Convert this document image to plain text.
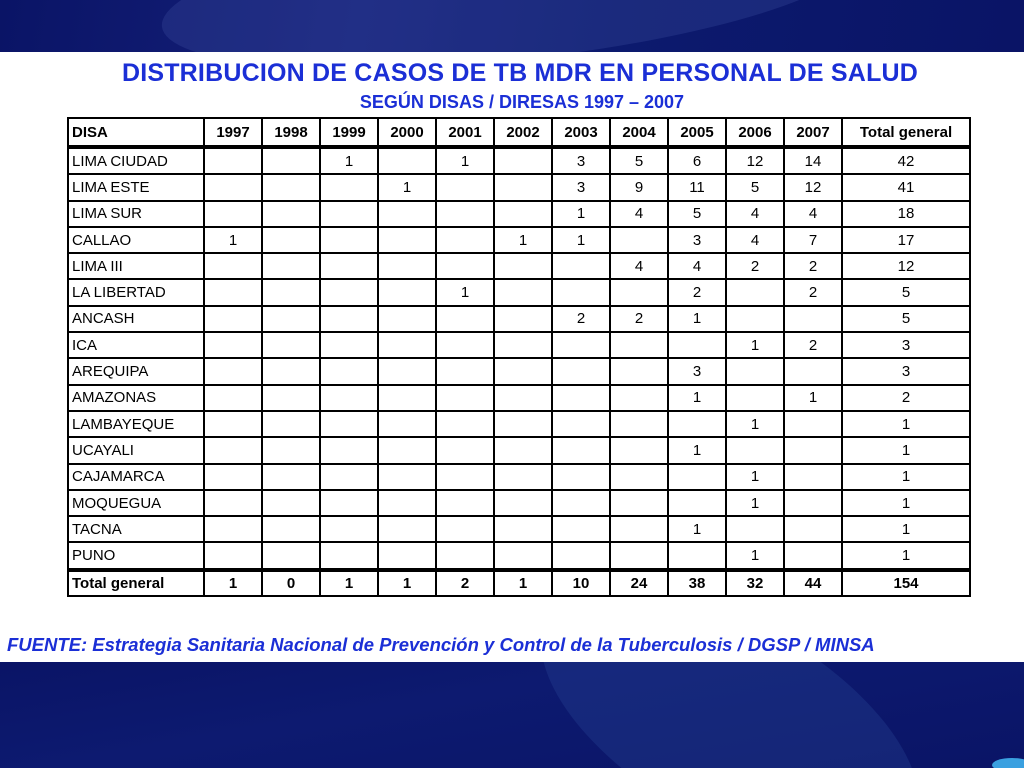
DISTRIBUCION DE CASOS DE TB MDR EN PERSONAL DE SALUD
SEGÚN DISAS / DIRESAS 1997 – 2007
DISA	1997	1998	1999	2000	2001	2002	2003	2004	2005	2006	2007	Total general
LIMA CIUDAD			1		1		3	5	6	12	14	42
LIMA ESTE				1			3	9	11	5	12	41
LIMA SUR							1	4	5	4	4	18
CALLAO	1					1	1		3	4	7	17
LIMA III								4	4	2	2	12
LA LIBERTAD					1				2		2	5
ANCASH							2	2	1			5
ICA										1	2	3
AREQUIPA									3			3
AMAZONAS									1		1	2
LAMBAYEQUE										1		1
UCAYALI									1			1
CAJAMARCA										1		1
MOQUEGUA										1		1
TACNA									1			1
PUNO										1		1
Total general	1	0	1	1	2	1	10	24	38	32	44	154
FUENTE: Estrategia Sanitaria Nacional de Prevención y Control de la Tuberculosis / DGSP / MINSA
